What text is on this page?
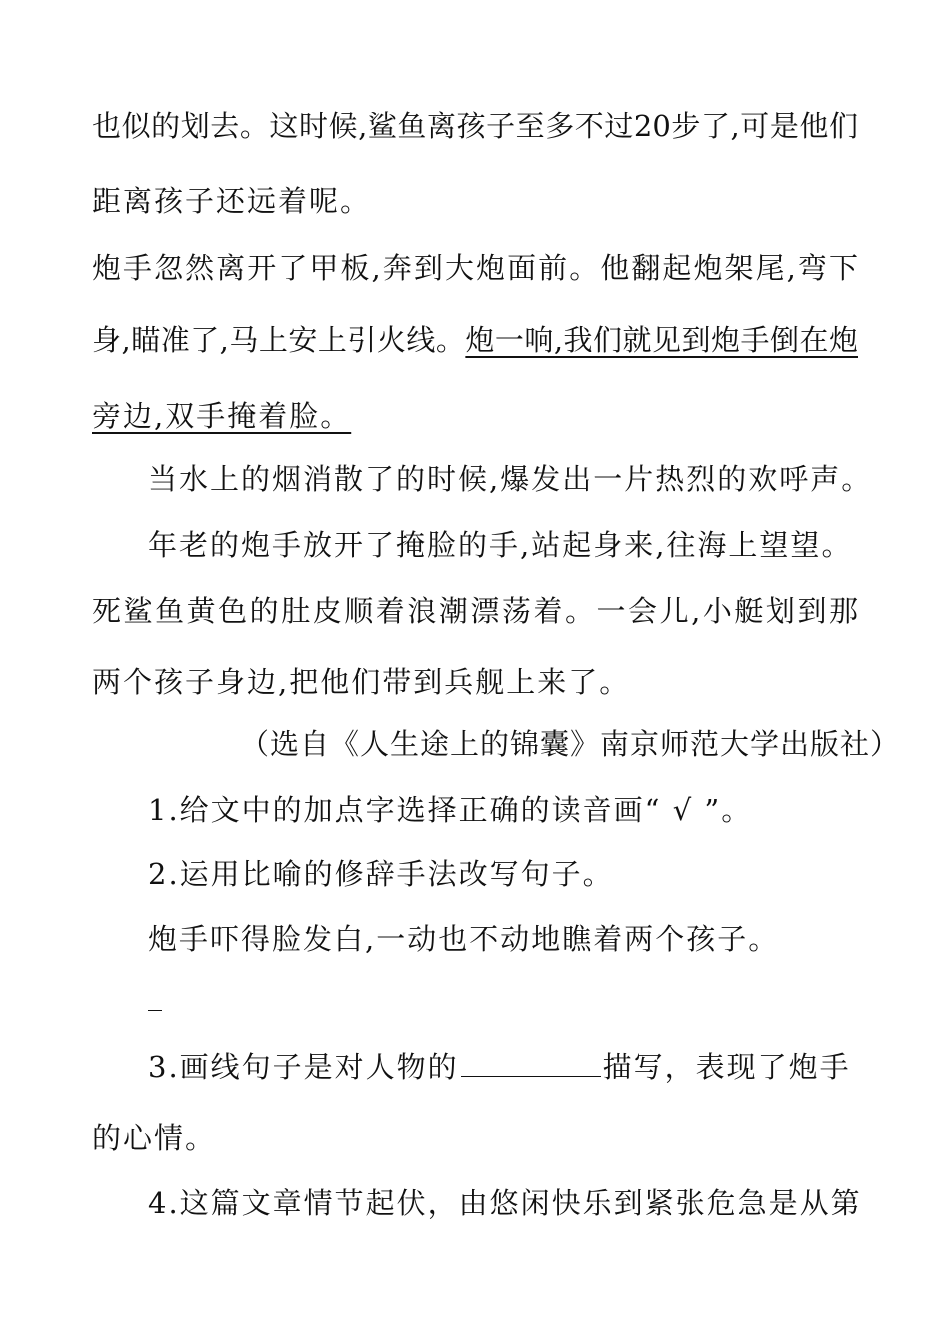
也似的划去。这时候,鲨鱼离孩子至多不过20步了,可是他们
距离孩子还远着呢。
炮手忽然离开了甲板,奔到大炮面前。他翻起炮架尾,弯下
身,瞄准了,马上安上引火线。炮一响,我们就见到炮手倒在炮
旁边,双手掩着脸。
当水上的烟消散了的时候,爆发出一片热烈的欢呼声。
年老的炮手放开了掩脸的手,站起身来,往海上望望。
死鲨鱼黄色的肚皮顺着浪潮漂荡着。一会儿,小艇划到那
两个孩子身边,把他们带到兵舰上来了。
（选自《人生途上的锦囊》南京师范大学出版社）
1.给文中的加点字选择正确的读音画“ √ ”。
2.运用比喻的修辞手法改写句子。
炮手吓得脸发白,一动也不动地瞧着两个孩子。
3.画线句子是对人物的	描写，表现了炮手
的心情。
4.这篇文章情节起伏，由悠闲快乐到紧张危急是从第
